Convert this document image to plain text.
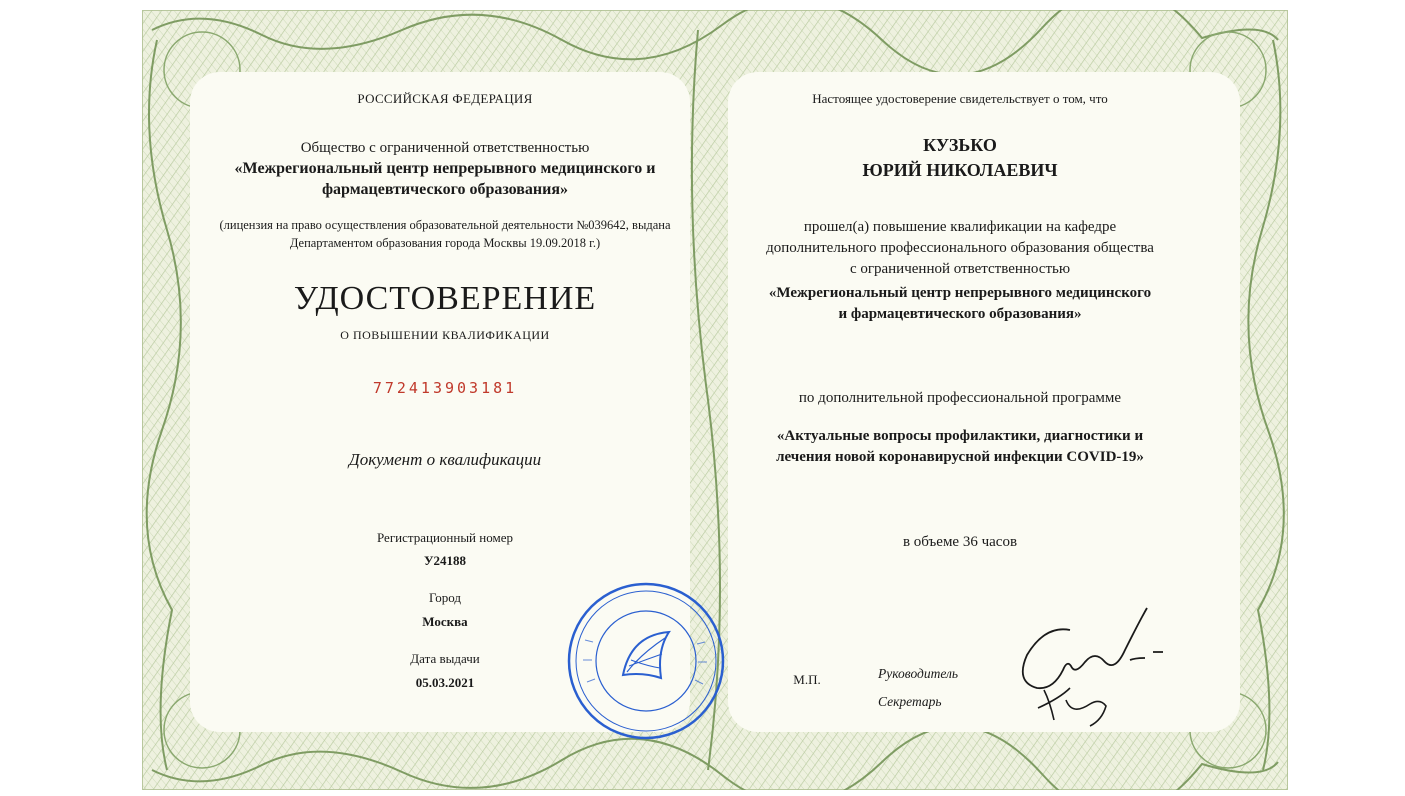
РОССИЙСКАЯ ФЕДЕРАЦИЯ
Общество с ограниченной ответственностью
«Межрегиональный центр непрерывного медицинского и
фармацевтического образования»
(лицензия на право осуществления образовательной деятельности №039642, выдана
Департаментом образования города Москвы 19.09.2018 г.)
УДОСТОВЕРЕНИЕ
О ПОВЫШЕНИИ КВАЛИФИКАЦИИ
772413903181
Документ о квалификации
Регистрационный номер
У24188
Город
Москва
Дата выдачи
05.03.2021
Настоящее удостоверение свидетельствует о том, что
КУЗЬКО
ЮРИЙ НИКОЛАЕВИЧ
прошел(а) повышение квалификации на кафедре
дополнительного профессионального образования общества
с ограниченной ответственностью
«Межрегиональный центр непрерывного медицинского
и фармацевтического образования»
по дополнительной профессиональной программе
«Актуальные вопросы профилактики, диагностики и
лечения новой коронавирусной инфекции COVID-19»
в объеме 36 часов
Руководитель
Секретарь
М.П.
